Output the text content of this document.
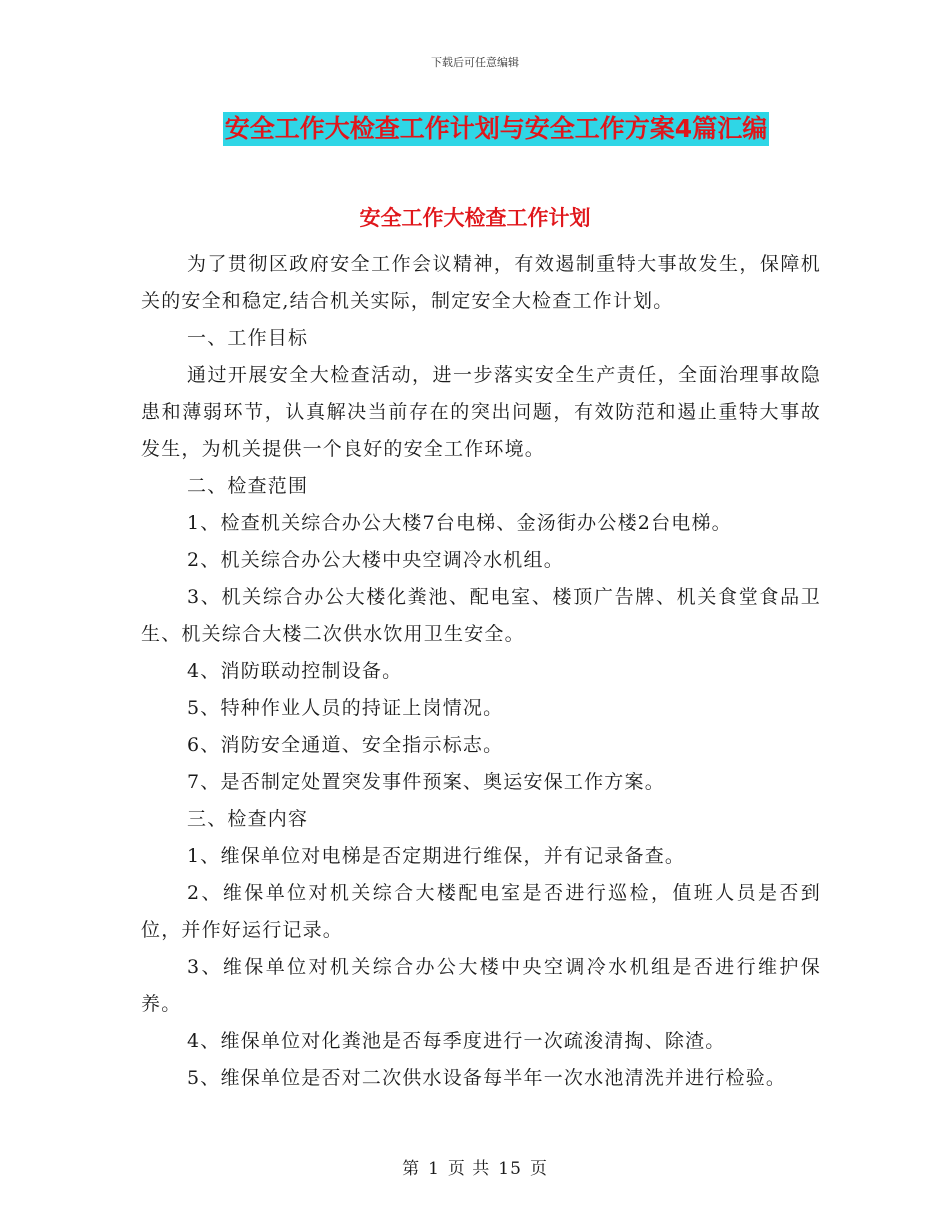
下载后可任意编辑
安全工作大检查工作计划与安全工作方案4篇汇编
安全工作大检查工作计划

为了贯彻区政府安全工作会议精神，有效遏制重特大事故发生，保障机关的安全和稳定,结合机关实际，制定安全大检查工作计划。

一、工作目标

通过开展安全大检查活动，进一步落实安全生产责任，全面治理事故隐患和薄弱环节，认真解决当前存在的突出问题，有效防范和遏止重特大事故发生，为机关提供一个良好的安全工作环境。

二、检查范围

1、检查机关综合办公大楼7台电梯、金汤街办公楼2台电梯。

2、机关综合办公大楼中央空调冷水机组。

3、机关综合办公大楼化粪池、配电室、楼顶广告牌、机关食堂食品卫生、机关综合大楼二次供水饮用卫生安全。

4、消防联动控制设备。

5、特种作业人员的持证上岗情况。

6、消防安全通道、安全指示标志。

7、是否制定处置突发事件预案、奥运安保工作方案。

三、检查内容

1、维保单位对电梯是否定期进行维保，并有记录备查。

2、维保单位对机关综合大楼配电室是否进行巡检，值班人员是否到位，并作好运行记录。

3、维保单位对机关综合办公大楼中央空调冷水机组是否进行维护保养。

4、维保单位对化粪池是否每季度进行一次疏浚清掏、除渣。

5、维保单位是否对二次供水设备每半年一次水池清洗并进行检验。

第 1 页 共 15 页
